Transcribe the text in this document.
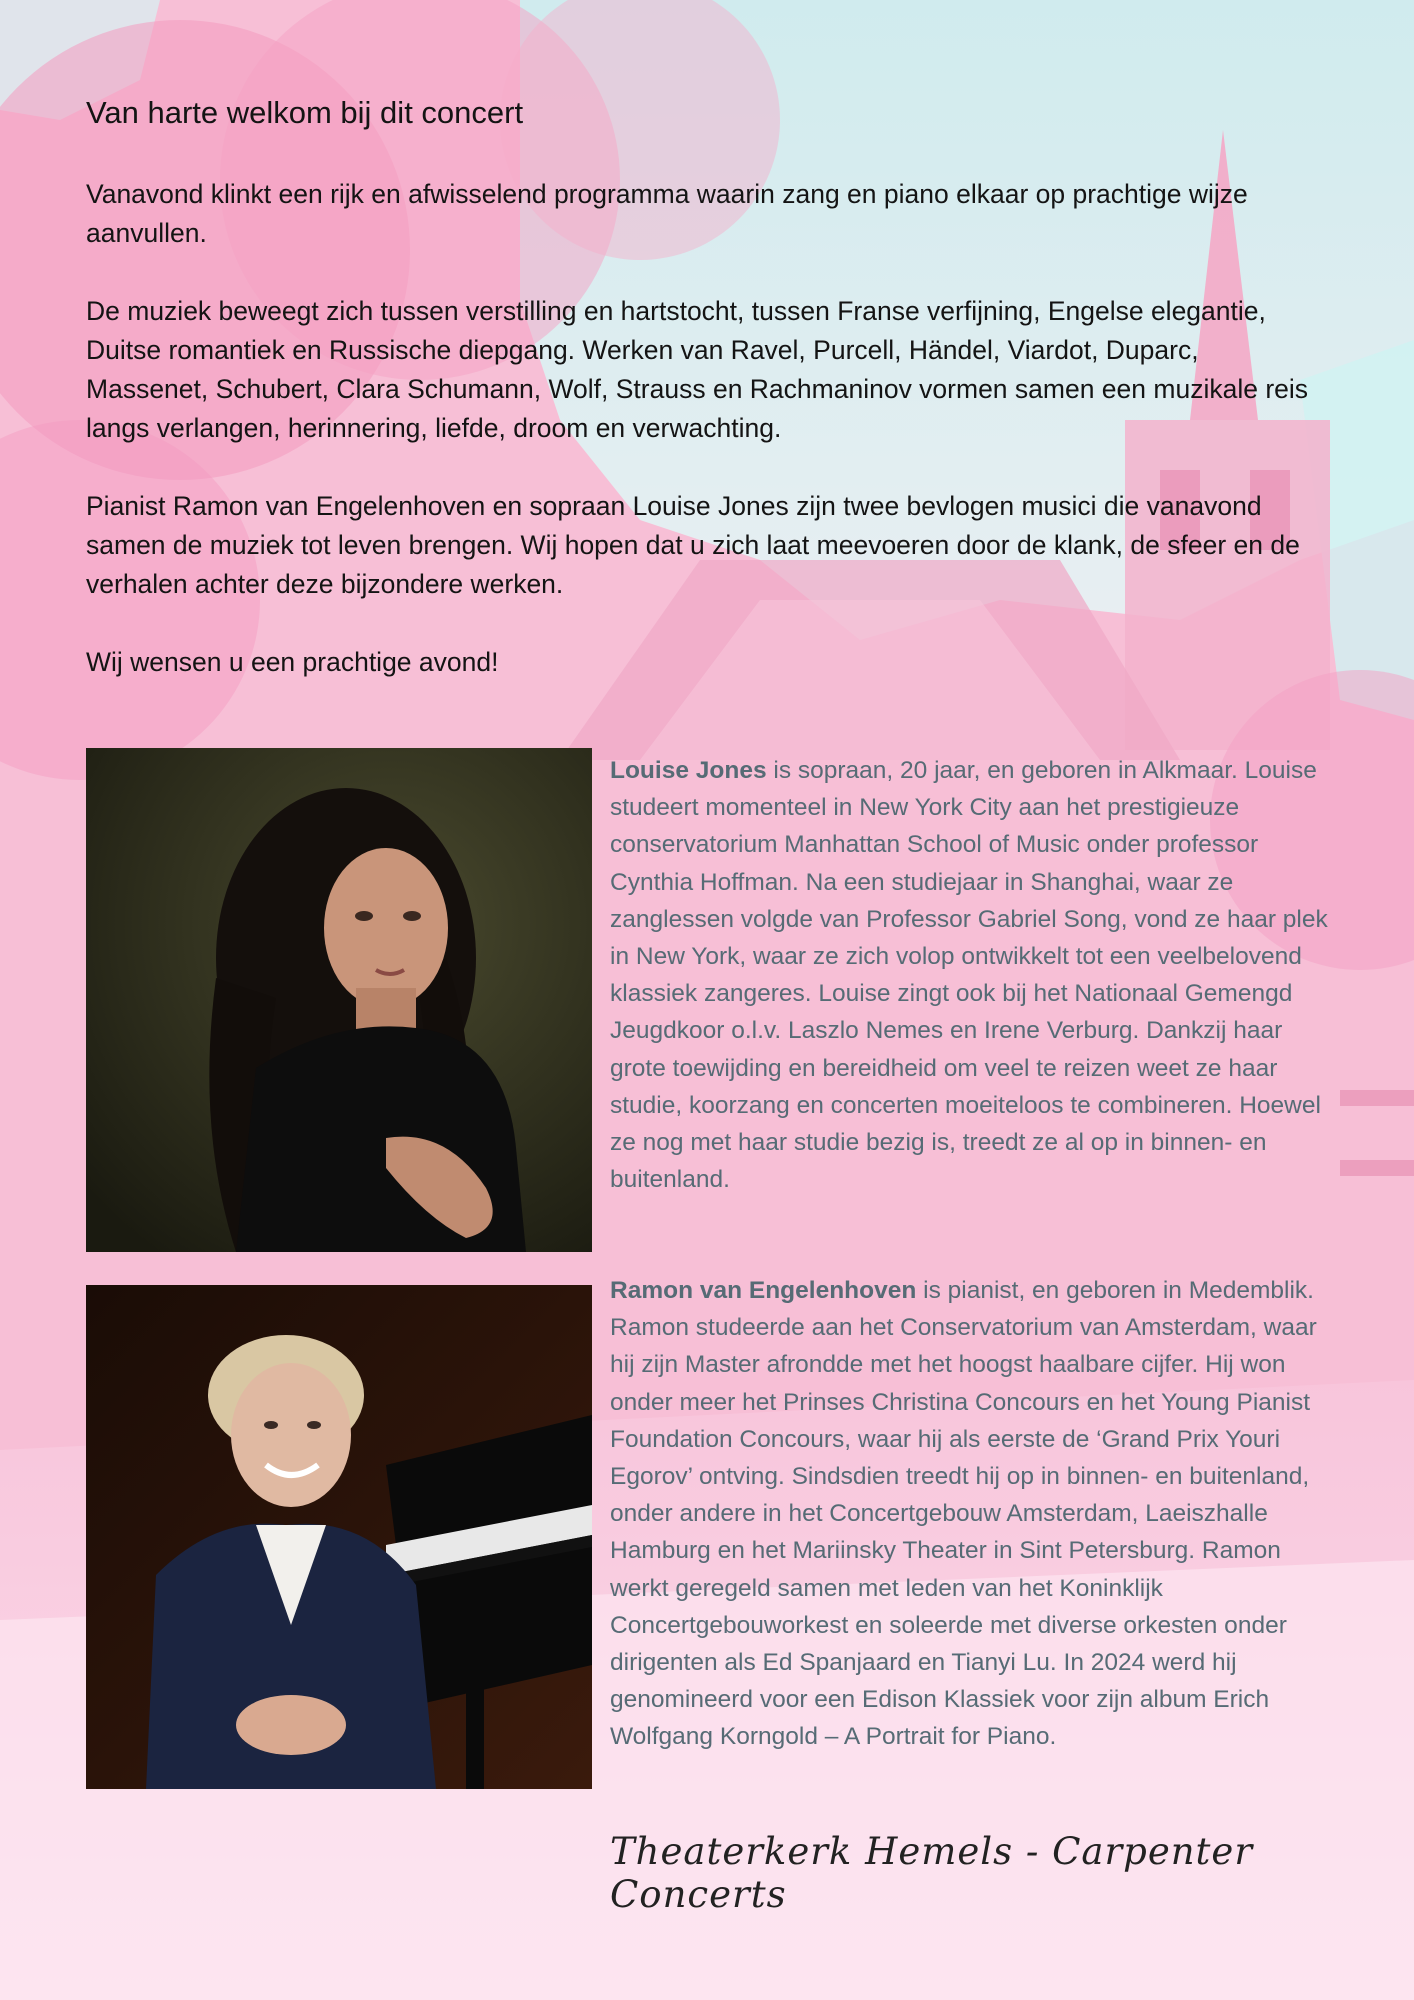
Van harte welkom bij dit concert

Vanavond klinkt een rijk en afwisselend programma waarin zang en piano elkaar op prachtige wijze aanvullen.

De muziek beweegt zich tussen verstilling en hartstocht, tussen Franse verfijning, Engelse elegantie, Duitse romantiek en Russische diepgang. Werken van Ravel, Purcell, Händel, Viardot, Duparc, Massenet, Schubert, Clara Schumann, Wolf, Strauss en Rachmaninov vormen samen een muzikale reis langs verlangen, herinnering, liefde, droom en verwachting.

Pianist Ramon van Engelenhoven en sopraan Louise Jones zijn twee bevlogen musici die vanavond samen de muziek tot leven brengen. Wij hopen dat u zich laat meevoeren door de klank, de sfeer en de verhalen achter deze bijzondere werken.

Wij wensen u een prachtige avond!

Louise Jones is sopraan, 20 jaar, en geboren in Alkmaar. Louise studeert momenteel in New York City aan het prestigieuze conservatorium Manhattan School of Music onder professor Cynthia Hoffman. Na een studiejaar in Shanghai, waar ze zanglessen volgde van Professor Gabriel Song, vond ze haar plek in New York, waar ze zich volop ontwikkelt tot een veelbelovend klassiek zangeres. Louise zingt ook bij het Nationaal Gemengd Jeugdkoor o.l.v. Laszlo Nemes en Irene Verburg. Dankzij haar grote toewijding en bereidheid om veel te reizen weet ze haar studie, koorzang en concerten moeiteloos te combineren. Hoewel ze nog met haar studie bezig is, treedt ze al op in binnen- en buitenland.
Ramon van Engelenhoven is pianist, en geboren in Medemblik. Ramon studeerde aan het Conservatorium van Amsterdam, waar hij zijn Master afrondde met het hoogst haalbare cijfer. Hij won onder meer het Prinses Christina Concours en het Young Pianist Foundation Concours, waar hij als eerste de ‘Grand Prix Youri Egorov’ ontving. Sindsdien treedt hij op in binnen- en buitenland, onder andere in het Concertgebouw Amsterdam, Laeiszhalle Hamburg en het Mariinsky Theater in Sint Petersburg. Ramon werkt geregeld samen met leden van het Koninklijk Concertgebouworkest en soleerde met diverse orkesten onder dirigenten als Ed Spanjaard en Tianyi Lu. In 2024 werd hij genomineerd voor een Edison Klassiek voor zijn album Erich Wolfgang Korngold – A Portrait for Piano.
Theaterkerk Hemels - Carpenter Concerts
